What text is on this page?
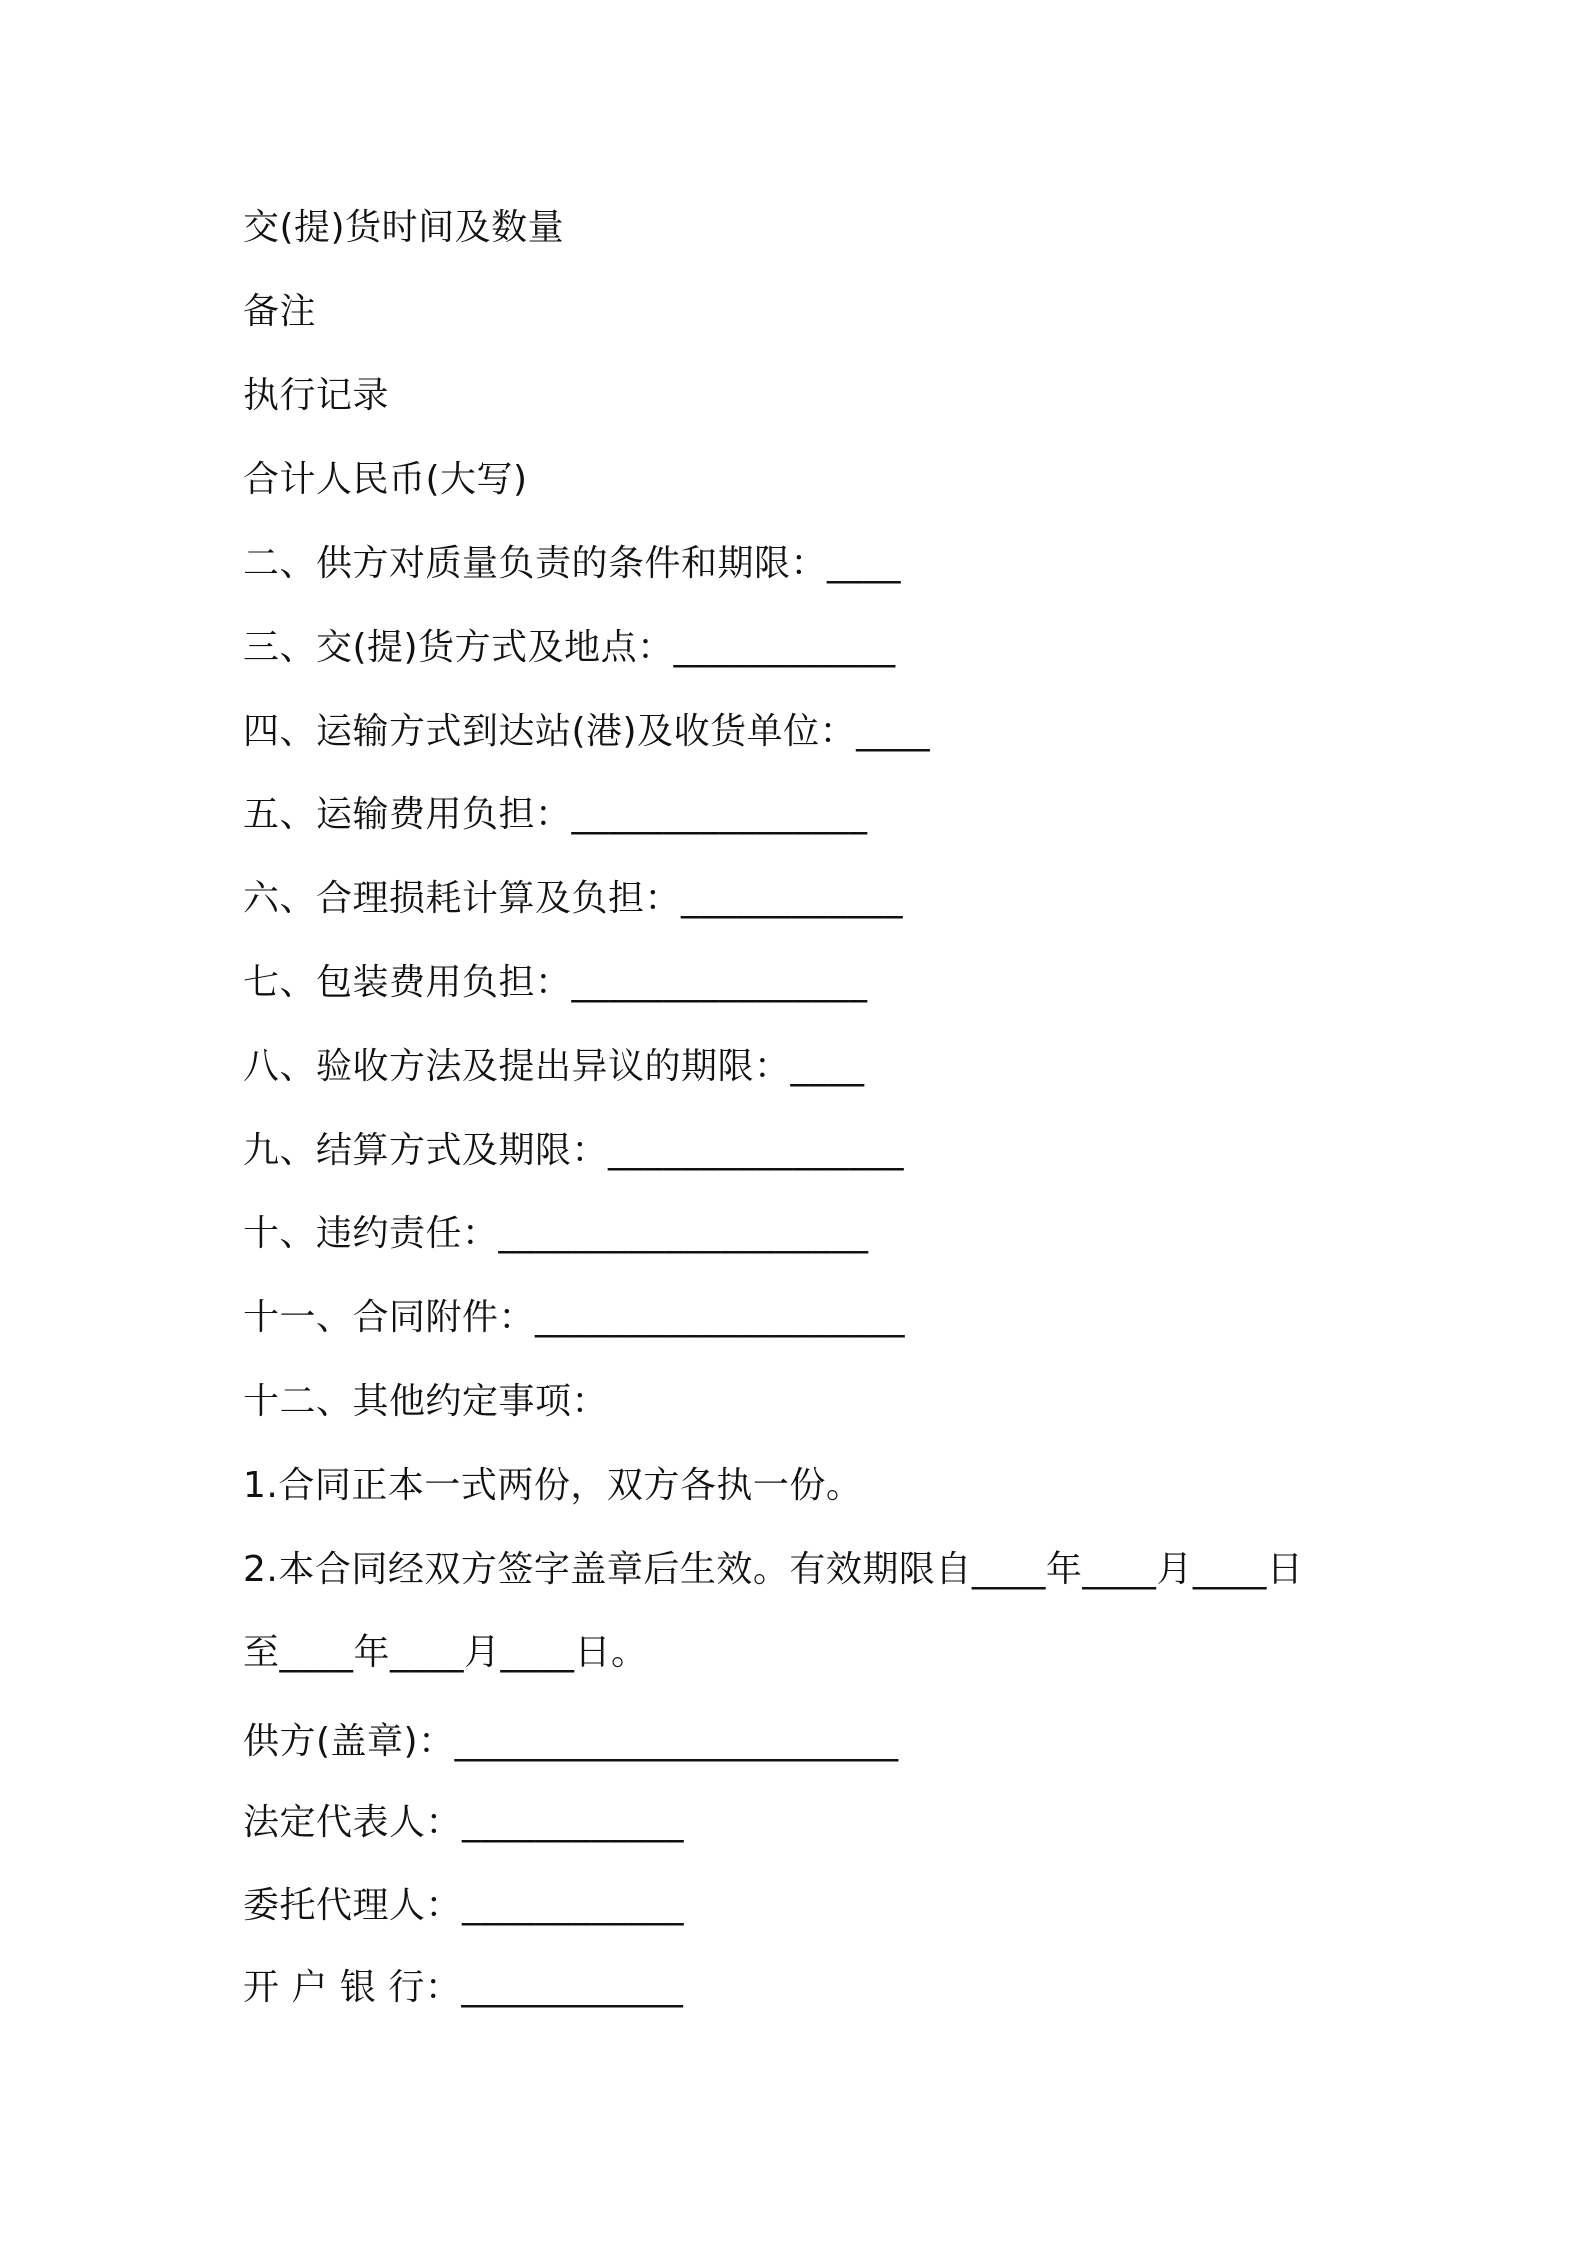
交(提)货时间及数量
备注
执行记录
合计人民币(大写)
二、供方对质量负责的条件和期限：____
三、交(提)货方式及地点：____________
四、运输方式到达站(港)及收货单位：____
五、运输费用负担：________________
六、合理损耗计算及负担：____________
七、包装费用负担：________________
八、验收方法及提出异议的期限：____
九、结算方式及期限：________________
十、违约责任：____________________
十一、合同附件：____________________
十二、其他约定事项：
1.合同正本一式两份，双方各执一份。
2.本合同经双方签字盖章后生效。有效期限自____年____月____日
至____年____月____日。
供方(盖章)：________________________
法定代表人：____________
委托代理人：____________
开 户 银 行：____________
